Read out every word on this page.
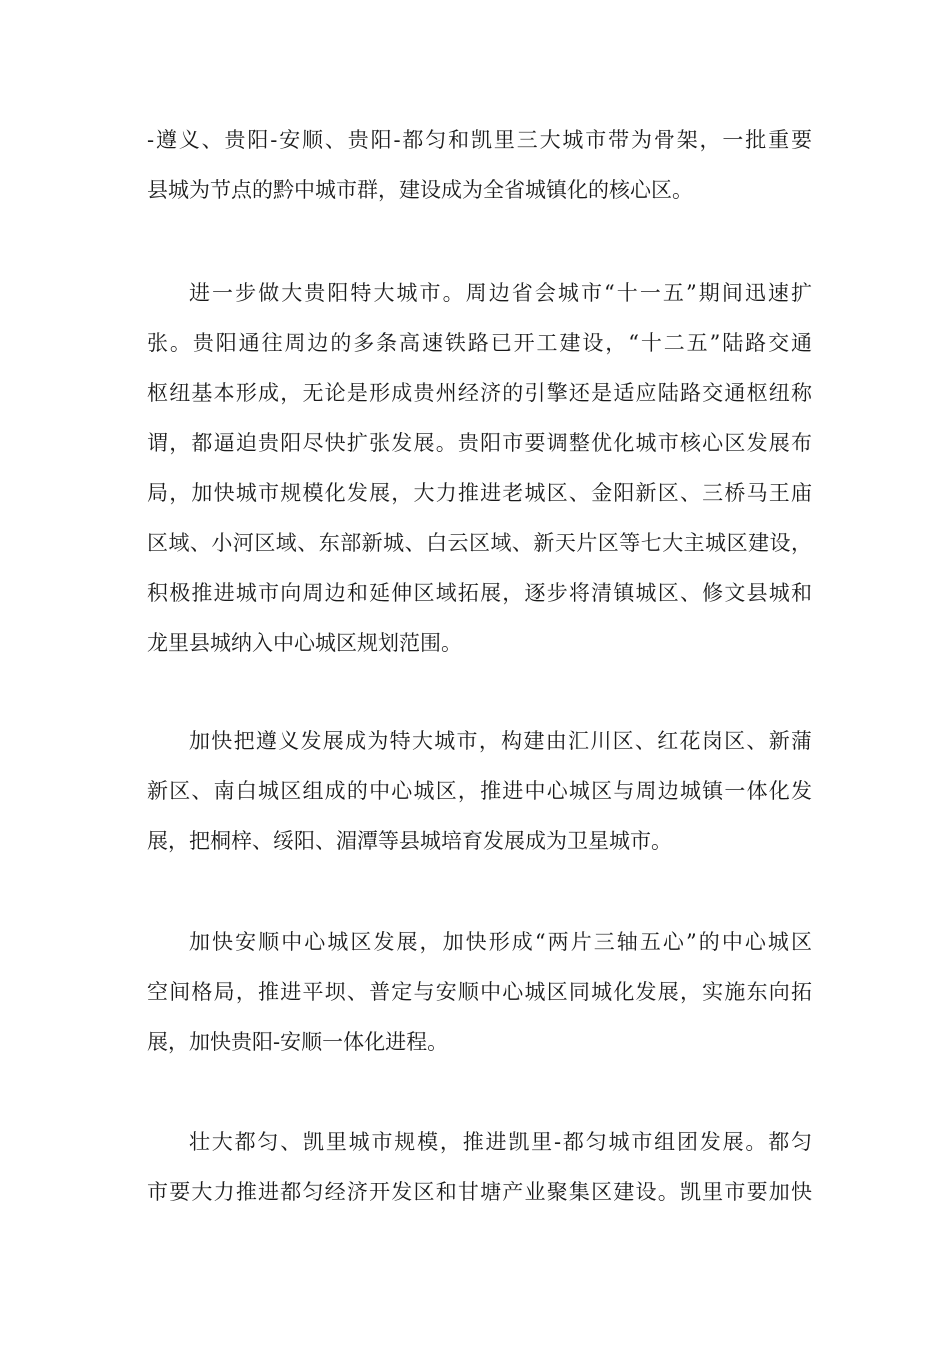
-遵义、贵阳-安顺、贵阳-都匀和凯里三大城市带为骨架，一批重要
县城为节点的黔中城市群，建设成为全省城镇化的核心区。
进一步做大贵阳特大城市。周边省会城市“十一五”期间迅速扩
张。贵阳通往周边的多条高速铁路已开工建设，“十二五”陆路交通
枢纽基本形成，无论是形成贵州经济的引擎还是适应陆路交通枢纽称
谓，都逼迫贵阳尽快扩张发展。贵阳市要调整优化城市核心区发展布
局，加快城市规模化发展，大力推进老城区、金阳新区、三桥马王庙
区域、小河区域、东部新城、白云区域、新天片区等七大主城区建设，
积极推进城市向周边和延伸区域拓展，逐步将清镇城区、修文县城和
龙里县城纳入中心城区规划范围。
加快把遵义发展成为特大城市，构建由汇川区、红花岗区、新蒲
新区、南白城区组成的中心城区，推进中心城区与周边城镇一体化发
展，把桐梓、绥阳、湄潭等县城培育发展成为卫星城市。
加快安顺中心城区发展，加快形成“两片三轴五心”的中心城区
空间格局，推进平坝、普定与安顺中心城区同城化发展，实施东向拓
展，加快贵阳-安顺一体化进程。
壮大都匀、凯里城市规模，推进凯里-都匀城市组团发展。都匀
市要大力推进都匀经济开发区和甘塘产业聚集区建设。凯里市要加快
